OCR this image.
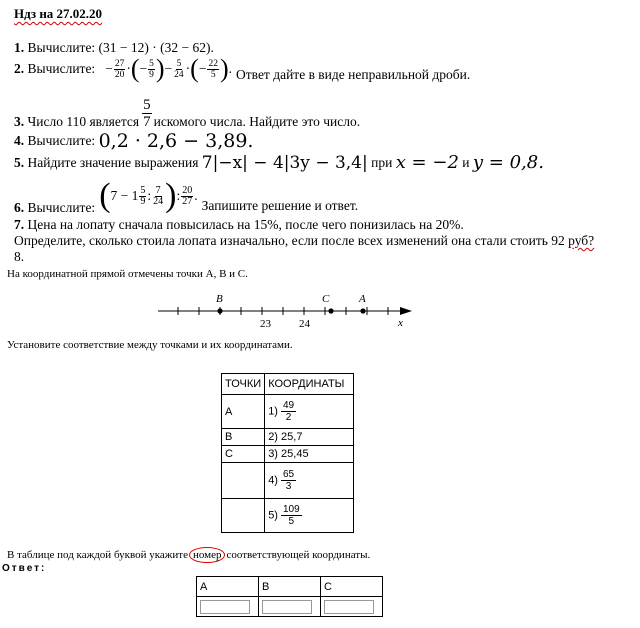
Ндз на 27.02.20
1. Вычислите: (31 − 12) · (32 − 62).
2.
Вычислите: − $\frac{27}{20}$ · ( − $\frac{5}{9}$ ) − $\frac{5}{24}$ · ( − $\frac{22}{5}$ ) . Ответ дайте в виде неправильной дроби.
3.
Число 110 является
5
7 искомого числа. Найдите это число.
4.
Вычислите:
0,2 · 2,6 − 3,89.
5.
Найдите значение выражения
7|−x| − 4|3y − 3,4|
при
x = −2
и
y = 0,8.
6.
Вычислите: ( $7 - 1 \frac{5}{9}$ : $\frac{7}{24}$ ) : $\frac{20}{27}$ .
Запишите решение и ответ.
7. Цена на лопату сначала повысилась на 15%, после чего понизилась на 20%.
Определите, сколько стоила лопата изначально, если после всех изменений она стали стоить 92 руб?
8.
На координатной прямой отмечены точки A, B и C.
B	C	A
23	24	x
Установите соответствие между точками и их координатами.
ТОЧКИ	КООРДИНАТЫ
A	$1) \frac{49}{2}$

B	2) 25,7
C	3) 25,45
	$4) \frac{65}{3}$

	$5) \frac{109}{5}$
В таблице под каждой буквой укажите номер соответствующей координаты.
Ответ:
A	B	C
